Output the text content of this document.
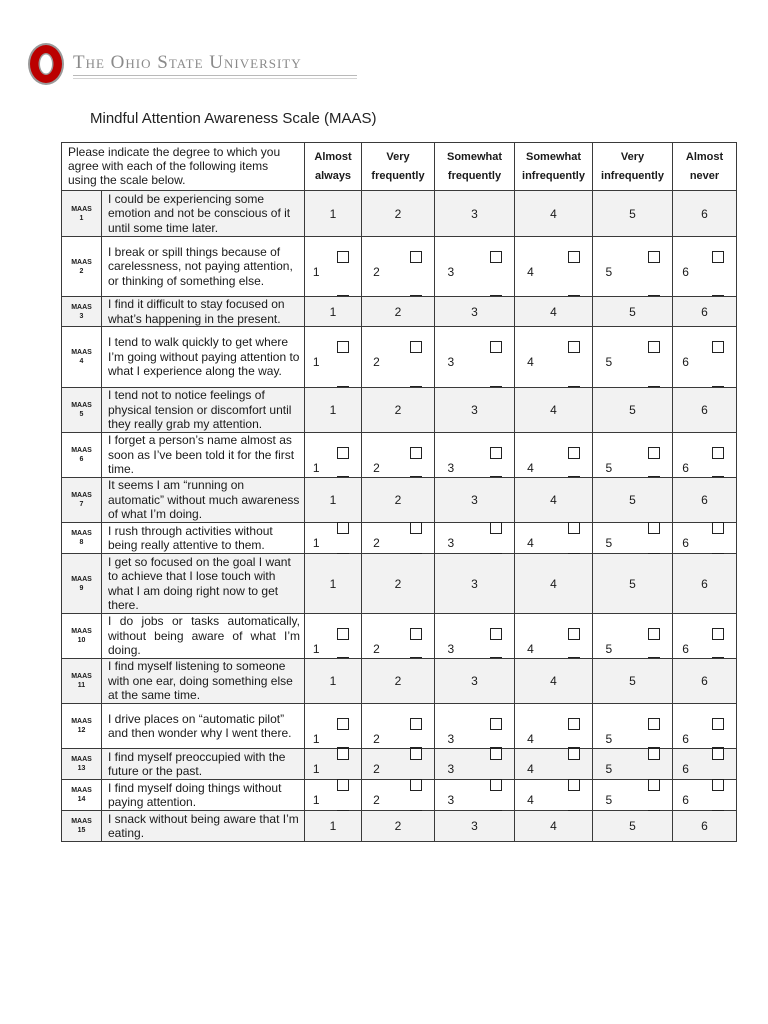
The Ohio State University
Mindful Attention Awareness Scale (MAAS)
Please indicate the degree to which you agree with each of the following items using the scale below.		Almost always	Very frequently	Somewhat frequently	Somewhat infrequently	Very infrequently	Almost never

MAAS
1	I could be experiencing some emotion and not be conscious of it until some time later.	1	2	3	4	5	6

MAAS
2	I break or spill things because of carelessness, not paying attention, or thinking of something else.	1	2	3	4	5	6

MAAS
3	I find it difficult to stay focused on what’s happening in the present.	1	2	3	4	5	6

MAAS
4	I tend to walk quickly to get where I’m going without paying attention to what I experience along the way.	1	2	3	4	5	6

MAAS
5	I tend not to notice feelings of physical tension or discomfort until they really grab my attention.	1	2	3	4	5	6

MAAS
6	I forget a person’s name almost as soon as I’ve been told it for the first time.	1	2	3	4	5	6

MAAS
7	It seems I am “running on automatic” without much awareness of what I’m doing.	1	2	3	4	5	6

MAAS
8	I rush through activities without being really attentive to them.	1	2	3	4	5	6

MAAS
9	I get so focused on the goal I want to achieve that I lose touch with what I am doing right now to get there.	1	2	3	4	5	6

MAAS
10	I do jobs or tasks automatically, without being aware of what I’m doing.	1	2	3	4	5	6

MAAS
11	I find myself listening to someone with one ear, doing something else at the same time.	1	2	3	4	5	6

MAAS
12	I drive places on “automatic pilot” and then wonder why I went there.	1	2	3	4	5	6

MAAS
13	I find myself preoccupied with the future or the past.	1	2	3	4	5	6

MAAS
14	I find myself doing things without paying attention.	1	2	3	4	5	6

MAAS
15	I snack without being aware that I’m eating.	1	2	3	4	5	6
